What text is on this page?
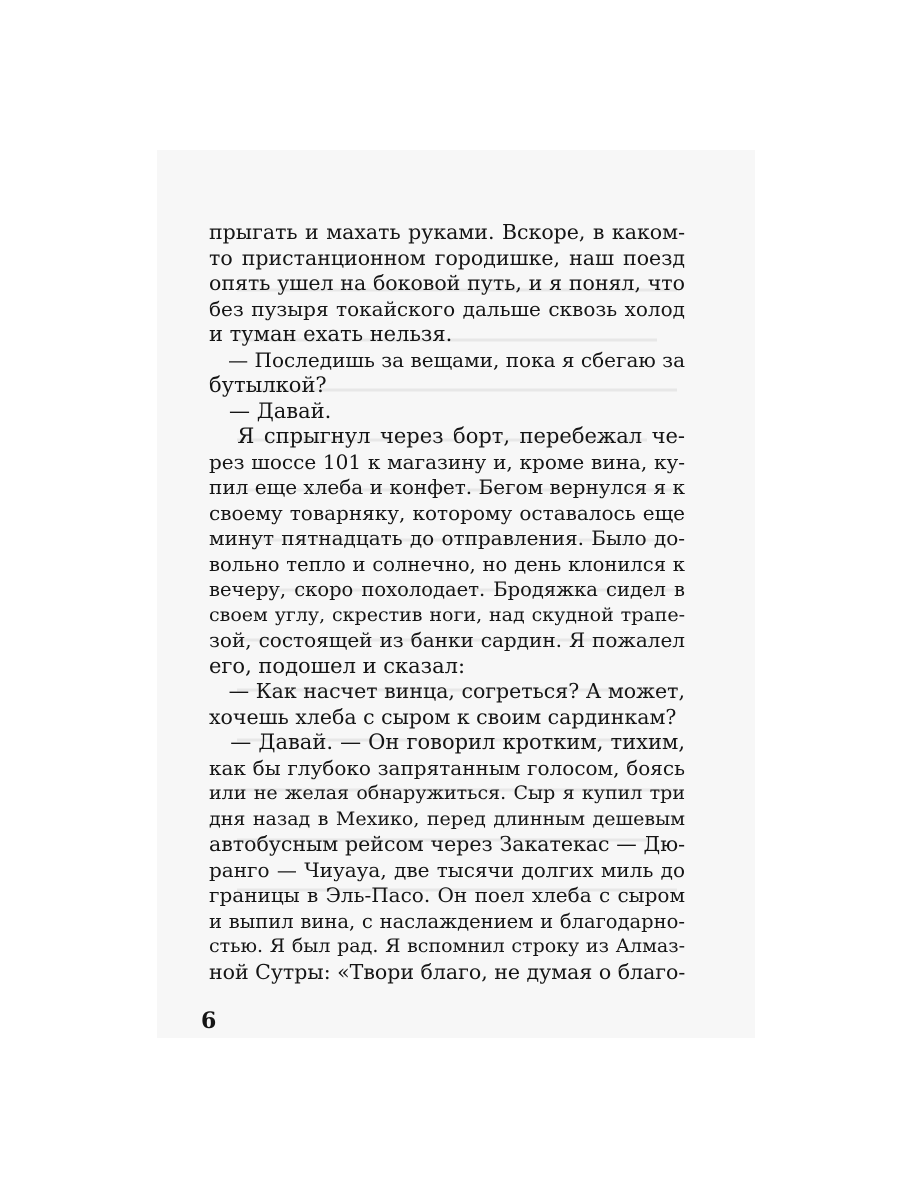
прыгать и махать руками. Вскоре, в каком-
то пристанционном городишке, наш поезд
опять ушел на боковой путь, и я понял, что
без пузыря токайского дальше сквозь холод
и туман ехать нельзя.
— Последишь за вещами, пока я сбегаю за
бутылкой?
— Давай.
Я спрыгнул через борт, перебежал че-
рез шоссе 101 к магазину и, кроме вина, ку-
пил еще хлеба и конфет. Бегом вернулся я к
своему товарняку, которому оставалось еще
минут пятнадцать до отправления. Было до-
вольно тепло и солнечно, но день клонился к
вечеру, скоро похолодает. Бродяжка сидел в
своем углу, скрестив ноги, над скудной трапе-
зой, состоящей из банки сардин. Я пожалел
его, подошел и сказал:
— Как насчет винца, согреться? А может,
хочешь хлеба с сыром к своим сардинкам?
— Давай. — Он говорил кротким, тихим,
как бы глубоко запрятанным голосом, боясь
или не желая обнаружиться. Сыр я купил три
дня назад в Мехико, перед длинным дешевым
автобусным рейсом через Закатекас — Дю-
ранго — Чиуауа, две тысячи долгих миль до
границы в Эль-Пасо. Он поел хлеба с сыром
и выпил вина, с наслаждением и благодарно-
стью. Я был рад. Я вспомнил строку из Алмаз-
ной Сутры: «Твори благо, не думая о благо-
6
